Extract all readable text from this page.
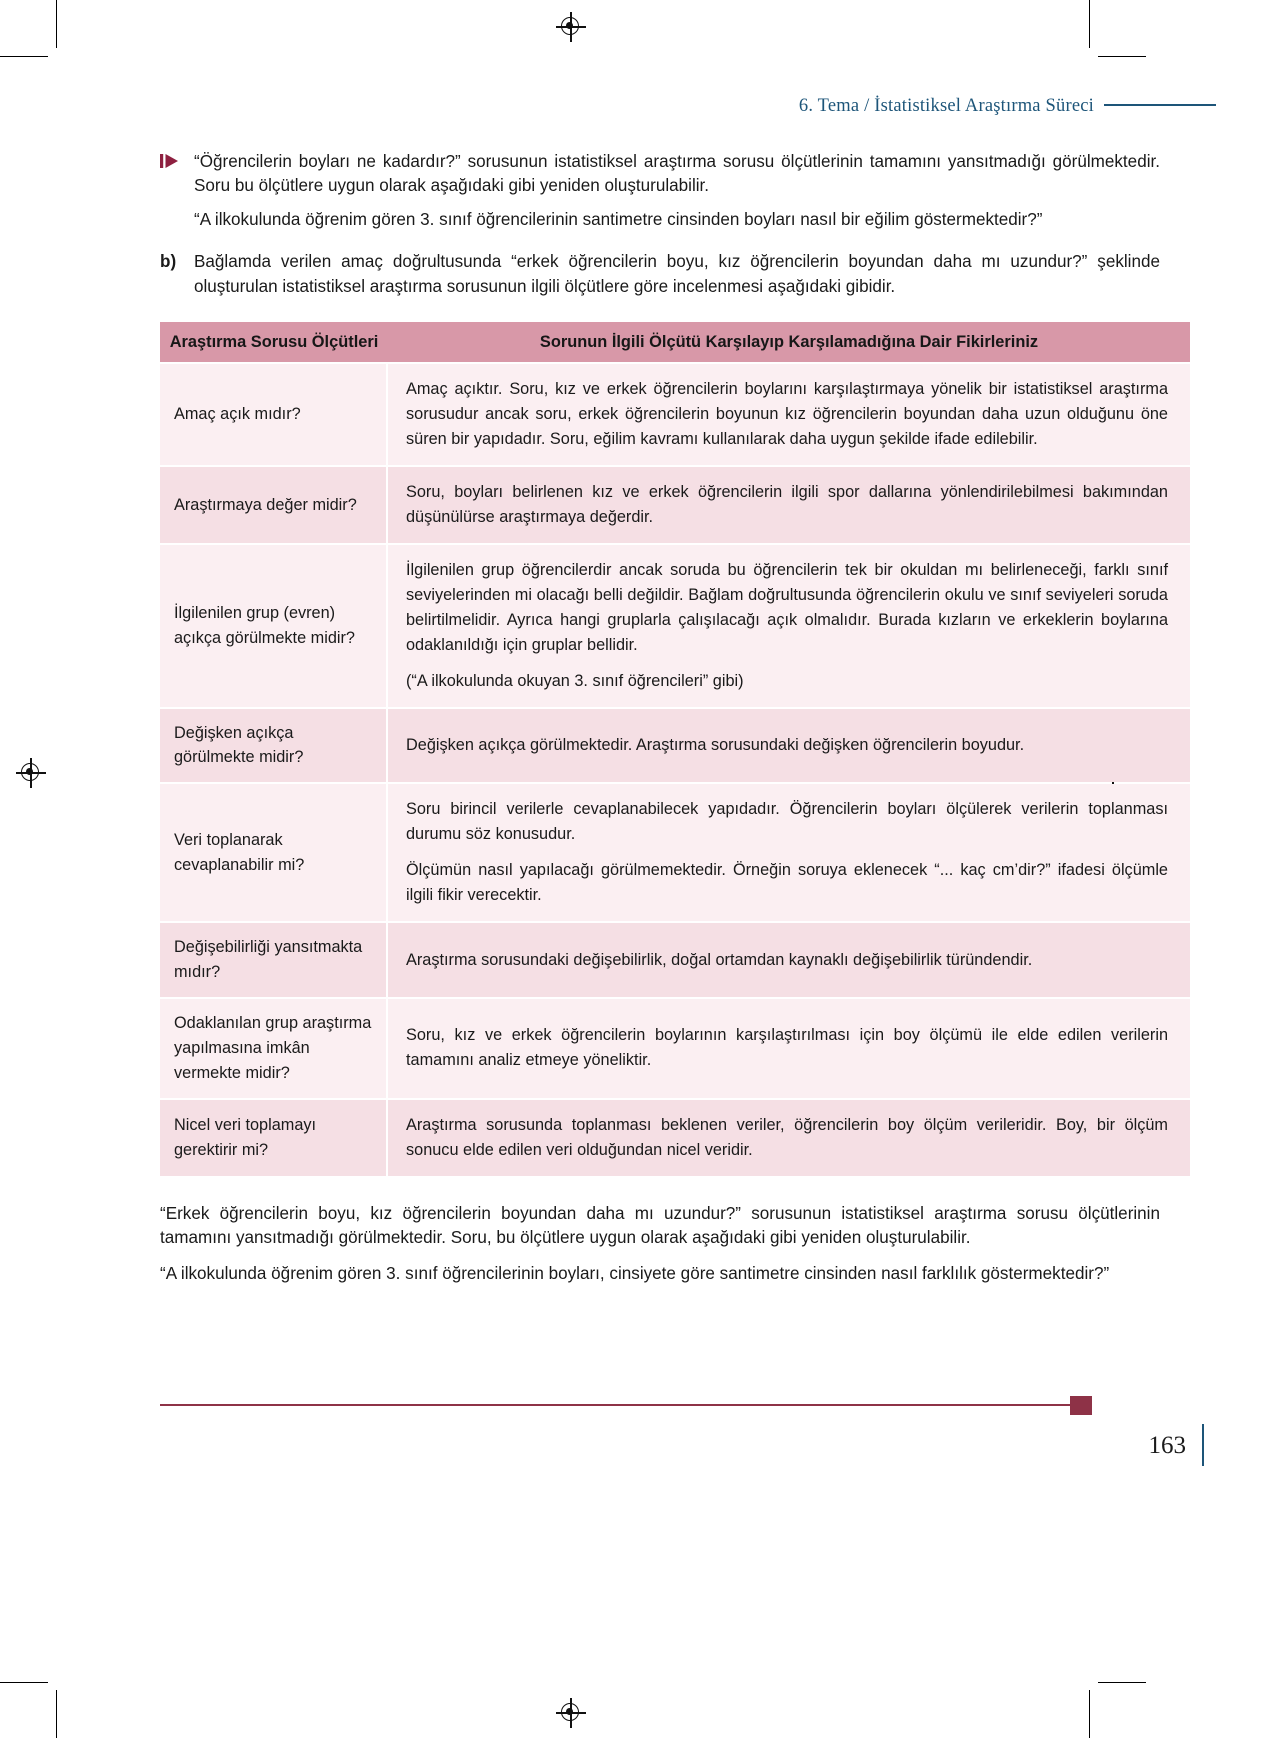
6. Tema / İstatistiksel Araştırma Süreci

“Öğrencilerin boyları ne kadardır?” sorusunun istatistiksel araştırma sorusu ölçütlerinin tamamını yansıtmadığı görülmektedir. Soru bu ölçütlere uygun olarak aşağıdaki gibi yeniden oluşturulabilir.

“A ilkokulunda öğrenim gören 3. sınıf öğrencilerinin santimetre cinsinden boyları nasıl bir eğilim göstermektedir?”

b) Bağlamda verilen amaç doğrultusunda “erkek öğrencilerin boyu, kız öğrencilerin boyundan daha mı uzundur?” şeklinde oluşturulan istatistiksel araştırma sorusunun ilgili ölçütlere göre incelenmesi aşağıdaki gibidir.

Araştırma Sorusu Ölçütleri	Sorunun İlgili Ölçütü Karşılayıp Karşılamadığına Dair Fikirleriniz
Amaç açık mıdır?	Amaç açıktır. Soru, kız ve erkek öğrencilerin boylarını karşılaştırmaya yönelik bir istatistiksel araştırma sorusudur ancak soru, erkek öğrencilerin boyunun kız öğrencilerin boyundan daha uzun olduğunu öne süren bir yapıdadır. Soru, eğilim kavramı kullanılarak daha uygun şekilde ifade edilebilir.

Araştırmaya değer midir?	Soru, boyları belirlenen kız ve erkek öğrencilerin ilgili spor dallarına yönlendirilebilmesi bakımından düşünülürse araştırmaya değerdir.

İlgilenilen grup (evren) açıkça görülmekte midir?	İlgilenilen grup öğrencilerdir ancak soruda bu öğrencilerin tek bir okuldan mı belirleneceği, farklı sınıf seviyelerinden mi olacağı belli değildir. Bağlam doğrultusunda öğrencilerin okulu ve sınıf seviyeleri soruda belirtilmelidir. Ayrıca hangi gruplarla çalışılacağı açık olmalıdır. Burada kızların ve erkeklerin boylarına odaklanıldığı için gruplar bellidir.

(“A ilkokulunda okuyan 3. sınıf öğrencileri” gibi)

Değişken açıkça görülmekte midir?	Değişken açıkça görülmektedir. Araştırma sorusundaki değişken öğrencilerin boyudur.

Veri toplanarak cevaplanabilir mi?	Soru birincil verilerle cevaplanabilecek yapıdadır. Öğrencilerin boyları ölçülerek verilerin toplanması durumu söz konusudur.

Ölçümün nasıl yapılacağı görülmemektedir. Örneğin soruya eklenecek “... kaç cm’dir?” ifadesi ölçümle ilgili fikir verecektir.

Değişebilirliği yansıtmakta mıdır?	Araştırma sorusundaki değişebilirlik, doğal ortamdan kaynaklı değişebilirlik türündendir.

Odaklanılan grup araştırma yapılmasına imkân vermekte midir?	Soru, kız ve erkek öğrencilerin boylarının karşılaştırılması için boy ölçümü ile elde edilen verilerin tamamını analiz etmeye yöneliktir.

Nicel veri toplamayı gerektirir mi?	Araştırma sorusunda toplanması beklenen veriler, öğrencilerin boy ölçüm verileridir. Boy, bir ölçüm sonucu elde edilen veri olduğundan nicel veridir.

“Erkek öğrencilerin boyu, kız öğrencilerin boyundan daha mı uzundur?” sorusunun istatistiksel araştırma sorusu ölçütlerinin tamamını yansıtmadığı görülmektedir. Soru, bu ölçütlere uygun olarak aşağıdaki gibi yeniden oluşturulabilir.

“A ilkokulunda öğrenim gören 3. sınıf öğrencilerinin boyları, cinsiyete göre santimetre cinsinden nasıl farklılık göstermektedir?”

163
